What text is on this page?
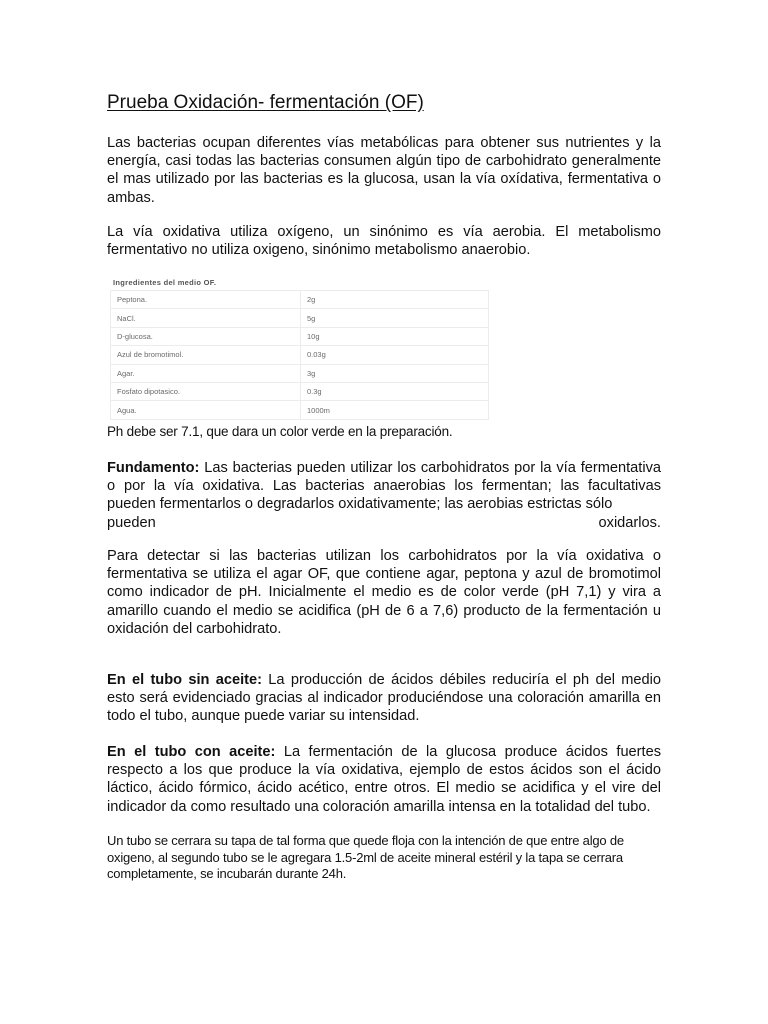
Prueba Oxidación- fermentación (OF)

Las bacterias ocupan diferentes vías metabólicas para obtener sus nutrientes y la energía, casi todas las bacterias consumen algún tipo de carbohidrato generalmente el mas utilizado por las bacterias es la glucosa, usan la vía oxídativa, fermentativa o ambas.

La vía oxidativa utiliza oxígeno, un sinónimo es vía aerobia. El metabolismo fermentativo no utiliza oxigeno, sinónimo metabolismo anaerobio.

Ingredientes del medio OF.
Peptona.	2g
NaCl.	5g
D-glucosa.	10g
Azul de bromotimol.	0.03g
Agar.	3g
Fosfato dipotasico.	0.3g
Agua.	1000m

Ph debe ser 7.1, que dara un color verde en la preparación.

Fundamento: Las bacterias pueden utilizar los carbohidratos por la vía fermentativa o por la vía oxidativa. Las bacterias anaerobias los fermentan; las facultativas pueden fermentarlos o degradarlos oxidativamente; las aerobias estrictas sólo
pueden	oxidarlos.

Para detectar si las bacterias utilizan los carbohidratos por la vía oxidativa o fermentativa se utiliza el agar OF, que contiene agar, peptona y azul de bromotimol como indicador de pH. Inicialmente el medio es de color verde (pH 7,1) y vira a amarillo cuando el medio se acidifica (pH de 6 a 7,6) producto de la fermentación u oxidación del carbohidrato.

En el tubo sin aceite: La producción de ácidos débiles reduciría el ph del medio esto será evidenciado gracias al indicador produciéndose una coloración amarilla en todo el tubo, aunque puede variar su intensidad.

En el tubo con aceite: La fermentación de la glucosa produce ácidos fuertes respecto a los que produce la vía oxidativa, ejemplo de estos ácidos son el ácido láctico, ácido fórmico, ácido acético, entre otros. El medio se acidifica y el vire del indicador da como resultado una coloración amarilla intensa en la totalidad del tubo.

Un tubo se cerrara su tapa de tal forma que quede floja con la intención de que entre algo de oxigeno, al segundo tubo se le agregara 1.5-2ml de aceite mineral estéril y la tapa se cerrara completamente, se incubarán durante 24h.
